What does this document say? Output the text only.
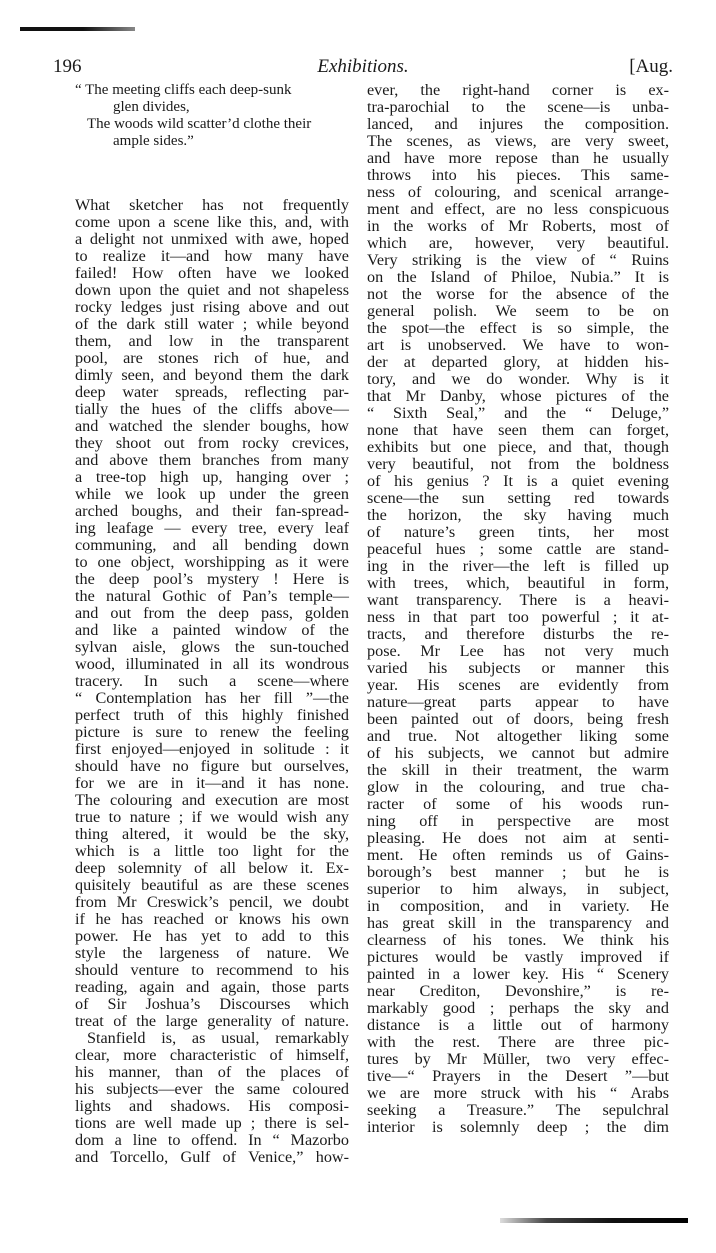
196	Exhibitions.	[Aug.
“ The meeting cliffs each deep-sunk
glen divides,
The woods wild scatter’d clothe their
ample sides.”
What sketcher has not frequently
come upon a scene like this, and, with
a delight not unmixed with awe, hoped
to realize it—and how many have
failed! How often have we looked
down upon the quiet and not shapeless
rocky ledges just rising above and out
of the dark still water ; while beyond
them, and low in the transparent
pool, are stones rich of hue, and
dimly seen, and beyond them the dark
deep water spreads, reflecting par-
tially the hues of the cliffs above—
and watched the slender boughs, how
they shoot out from rocky crevices,
and above them branches from many
a tree-top high up, hanging over ;
while we look up under the green
arched boughs, and their fan-spread-
ing leafage — every tree, every leaf
communing, and all bending down
to one object, worshipping as it were
the deep pool’s mystery ! Here is
the natural Gothic of Pan’s temple—
and out from the deep pass, golden
and like a painted window of the
sylvan aisle, glows the sun-touched
wood, illuminated in all its wondrous
tracery. In such a scene—where
“ Contemplation has her fill ”—the
perfect truth of this highly finished
picture is sure to renew the feeling
first enjoyed—enjoyed in solitude : it
should have no figure but ourselves,
for we are in it—and it has none.
The colouring and execution are most
true to nature ; if we would wish any
thing altered, it would be the sky,
which is a little too light for the
deep solemnity of all below it. Ex-
quisitely beautiful as are these scenes
from Mr Creswick’s pencil, we doubt
if he has reached or knows his own
power. He has yet to add to this
style the largeness of nature. We
should venture to recommend to his
reading, again and again, those parts
of Sir Joshua’s Discourses which
treat of the large generality of nature.
Stanfield is, as usual, remarkably
clear, more characteristic of himself,
his manner, than of the places of
his subjects—ever the same coloured
lights and shadows. His composi-
tions are well made up ; there is sel-
dom a line to offend. In “ Mazorbo
and Torcello, Gulf of Venice,” how-
ever, the right-hand corner is ex-
tra-parochial to the scene—is unba-
lanced, and injures the composition.
The scenes, as views, are very sweet,
and have more repose than he usually
throws into his pieces. This same-
ness of colouring, and scenical arrange-
ment and effect, are no less conspicuous
in the works of Mr Roberts, most of
which are, however, very beautiful.
Very striking is the view of “ Ruins
on the Island of Philoe, Nubia.” It is
not the worse for the absence of the
general polish. We seem to be on
the spot—the effect is so simple, the
art is unobserved. We have to won-
der at departed glory, at hidden his-
tory, and we do wonder. Why is it
that Mr Danby, whose pictures of the
“ Sixth Seal,” and the “ Deluge,”
none that have seen them can forget,
exhibits but one piece, and that, though
very beautiful, not from the boldness
of his genius ? It is a quiet evening
scene—the sun setting red towards
the horizon, the sky having much
of nature’s green tints, her most
peaceful hues ; some cattle are stand-
ing in the river—the left is filled up
with trees, which, beautiful in form,
want transparency. There is a heavi-
ness in that part too powerful ; it at-
tracts, and therefore disturbs the re-
pose. Mr Lee has not very much
varied his subjects or manner this
year. His scenes are evidently from
nature—great parts appear to have
been painted out of doors, being fresh
and true. Not altogether liking some
of his subjects, we cannot but admire
the skill in their treatment, the warm
glow in the colouring, and true cha-
racter of some of his woods run-
ning off in perspective are most
pleasing. He does not aim at senti-
ment. He often reminds us of Gains-
borough’s best manner ; but he is
superior to him always, in subject,
in composition, and in variety. He
has great skill in the transparency and
clearness of his tones. We think his
pictures would be vastly improved if
painted in a lower key. His “ Scenery
near Crediton, Devonshire,” is re-
markably good ; perhaps the sky and
distance is a little out of harmony
with the rest. There are three pic-
tures by Mr Müller, two very effec-
tive—“ Prayers in the Desert ”—but
we are more struck with his “ Arabs
seeking a Treasure.” The sepulchral
interior is solemnly deep ; the dim
